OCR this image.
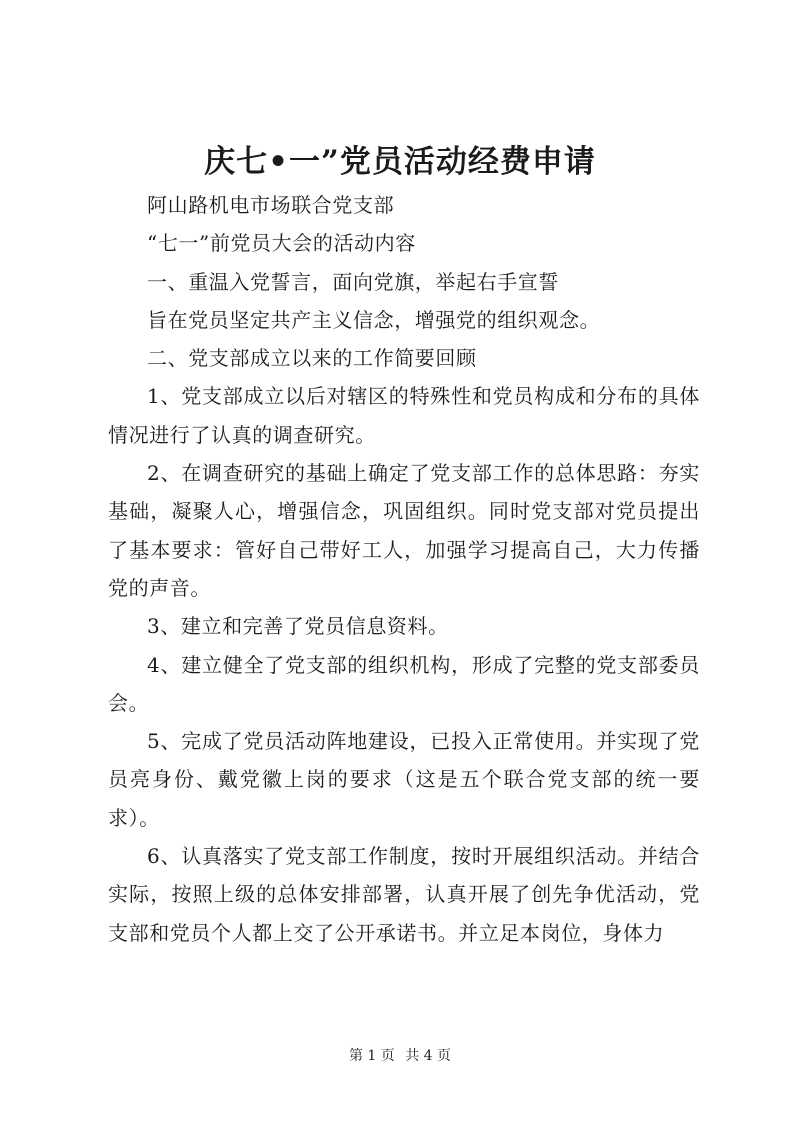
庆七•一”党员活动经费申请

阿山路机电市场联合党支部

“七一”前党员大会的活动内容

一、重温入党誓言，面向党旗，举起右手宣誓

旨在党员坚定共产主义信念，增强党的组织观念。

二、党支部成立以来的工作简要回顾

1、党支部成立以后对辖区的特殊性和党员构成和分布的具体情况进行了认真的调查研究。

2、在调查研究的基础上确定了党支部工作的总体思路：夯实基础，凝聚人心，增强信念，巩固组织。同时党支部对党员提出了基本要求：管好自己带好工人，加强学习提高自己，大力传播党的声音。

3、建立和完善了党员信息资料。

4、建立健全了党支部的组织机构，形成了完整的党支部委员会。

5、完成了党员活动阵地建设，已投入正常使用。并实现了党员亮身份、戴党徽上岗的要求（这是五个联合党支部的统一要求）。

6、认真落实了党支部工作制度，按时开展组织活动。并结合实际，按照上级的总体安排部署，认真开展了创先争优活动，党支部和党员个人都上交了公开承诺书。并立足本岗位，身体力

第 1 页 共 4 页
